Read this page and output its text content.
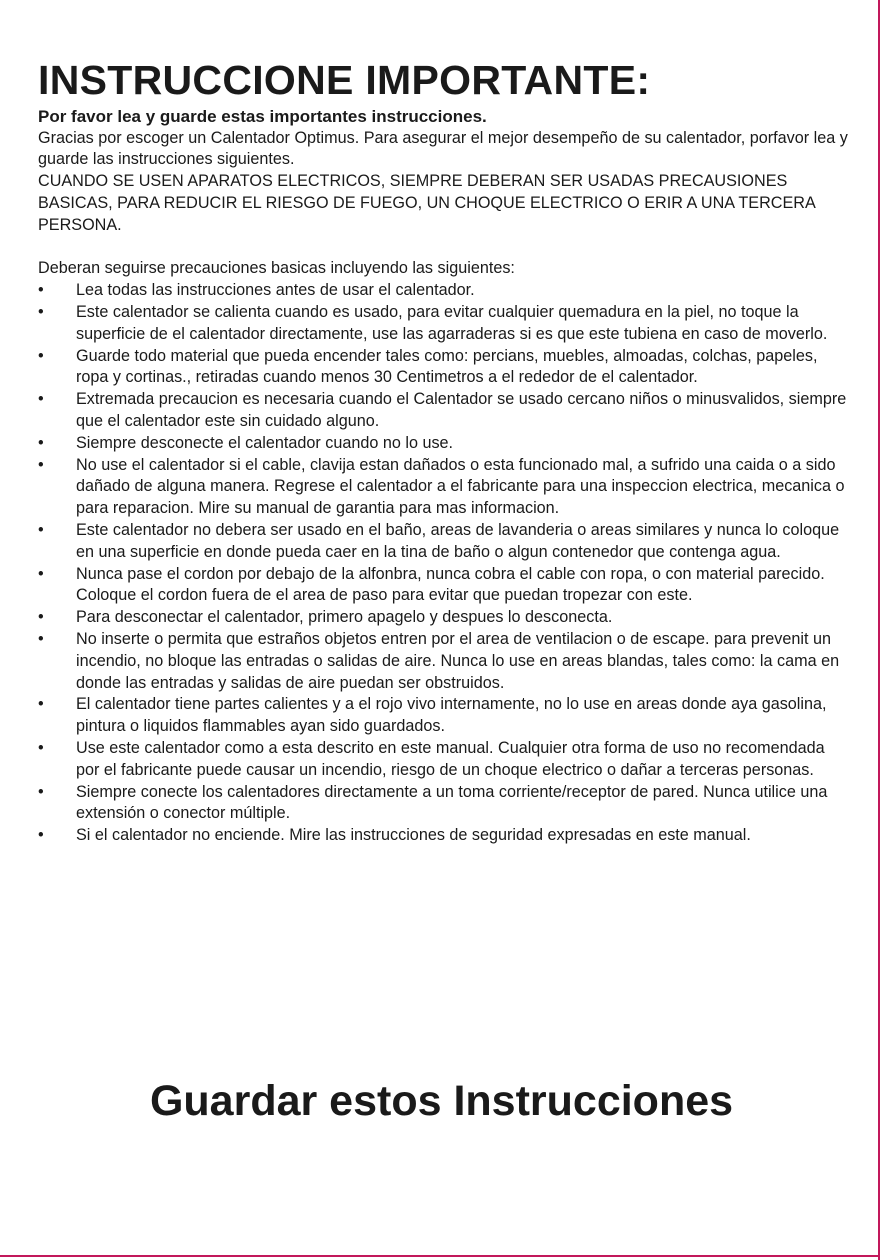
INSTRUCCIONE IMPORTANTE:

Por favor lea y guarde estas importantes instrucciones.

Gracias por escoger un Calentador Optimus. Para asegurar el mejor desempeño de su calentador, porfavor lea y guarde las instrucciones siguientes.

CUANDO SE USEN APARATOS ELECTRICOS, SIEMPRE DEBERAN SER USADAS PRECAUSIONES BASICAS, PARA REDUCIR EL RIESGO DE FUEGO, UN CHOQUE ELECTRICO O ERIR A UNA TERCERA PERSONA.

Deberan seguirse precauciones basicas incluyendo las siguientes:

•	Lea todas las instrucciones antes de usar el calentador.
•	Este calentador se calienta cuando es usado, para evitar cualquier quemadura en la piel, no toque la superficie de el calentador directamente, use las agarraderas si es que este tubiena en caso de moverlo.
•	Guarde todo material que pueda encender tales como: percians, muebles, almoadas, colchas, papeles, ropa y cortinas., retiradas cuando menos 30 Centimetros a el rededor de el calentador.
•	Extremada precaucion es necesaria cuando el Calentador se usado cercano niños o minusvalidos, siempre que el calentador este sin cuidado alguno.
•	Siempre desconecte el calentador cuando no lo use.
•	No use el calentador si el cable, clavija estan dañados o esta funcionado mal, a sufrido una caida o a sido dañado de alguna manera. Regrese el calentador a el fabricante para una inspeccion electrica, mecanica o para reparacion. Mire su manual de garantia para mas informacion.
•	Este calentador no debera ser usado en el baño, areas de lavanderia o areas similares y nunca lo coloque en una superficie en donde pueda caer en la tina de baño o algun contenedor que contenga agua.
•	Nunca pase el cordon por debajo de la alfonbra, nunca cobra el cable con ropa, o con material parecido. Coloque el cordon fuera de el area de paso para evitar que puedan tropezar con este.
•	Para desconectar el calentador, primero apagelo y despues lo desconecta.
•	No inserte o permita que estraños objetos entren por el area de ventilacion o de escape. para prevenit un incendio, no bloque las entradas o salidas de aire. Nunca lo use en areas blandas, tales como: la cama en donde las entradas y salidas de aire puedan ser obstruidos.
•	El calentador tiene partes calientes y a el rojo vivo internamente, no lo use en areas donde aya gasolina, pintura o liquidos flammables ayan sido guardados.
•	Use este calentador como a esta descrito en este manual. Cualquier otra forma de uso no recomendada por el fabricante puede causar un incendio, riesgo de un choque electrico o dañar a terceras personas.
•	Siempre conecte los calentadores directamente a un toma corriente/receptor de pared. Nunca utilice una extensión o conector múltiple.
•	Si el calentador no enciende. Mire las instrucciones de seguridad expresadas en este manual.
Guardar estos Instrucciones
